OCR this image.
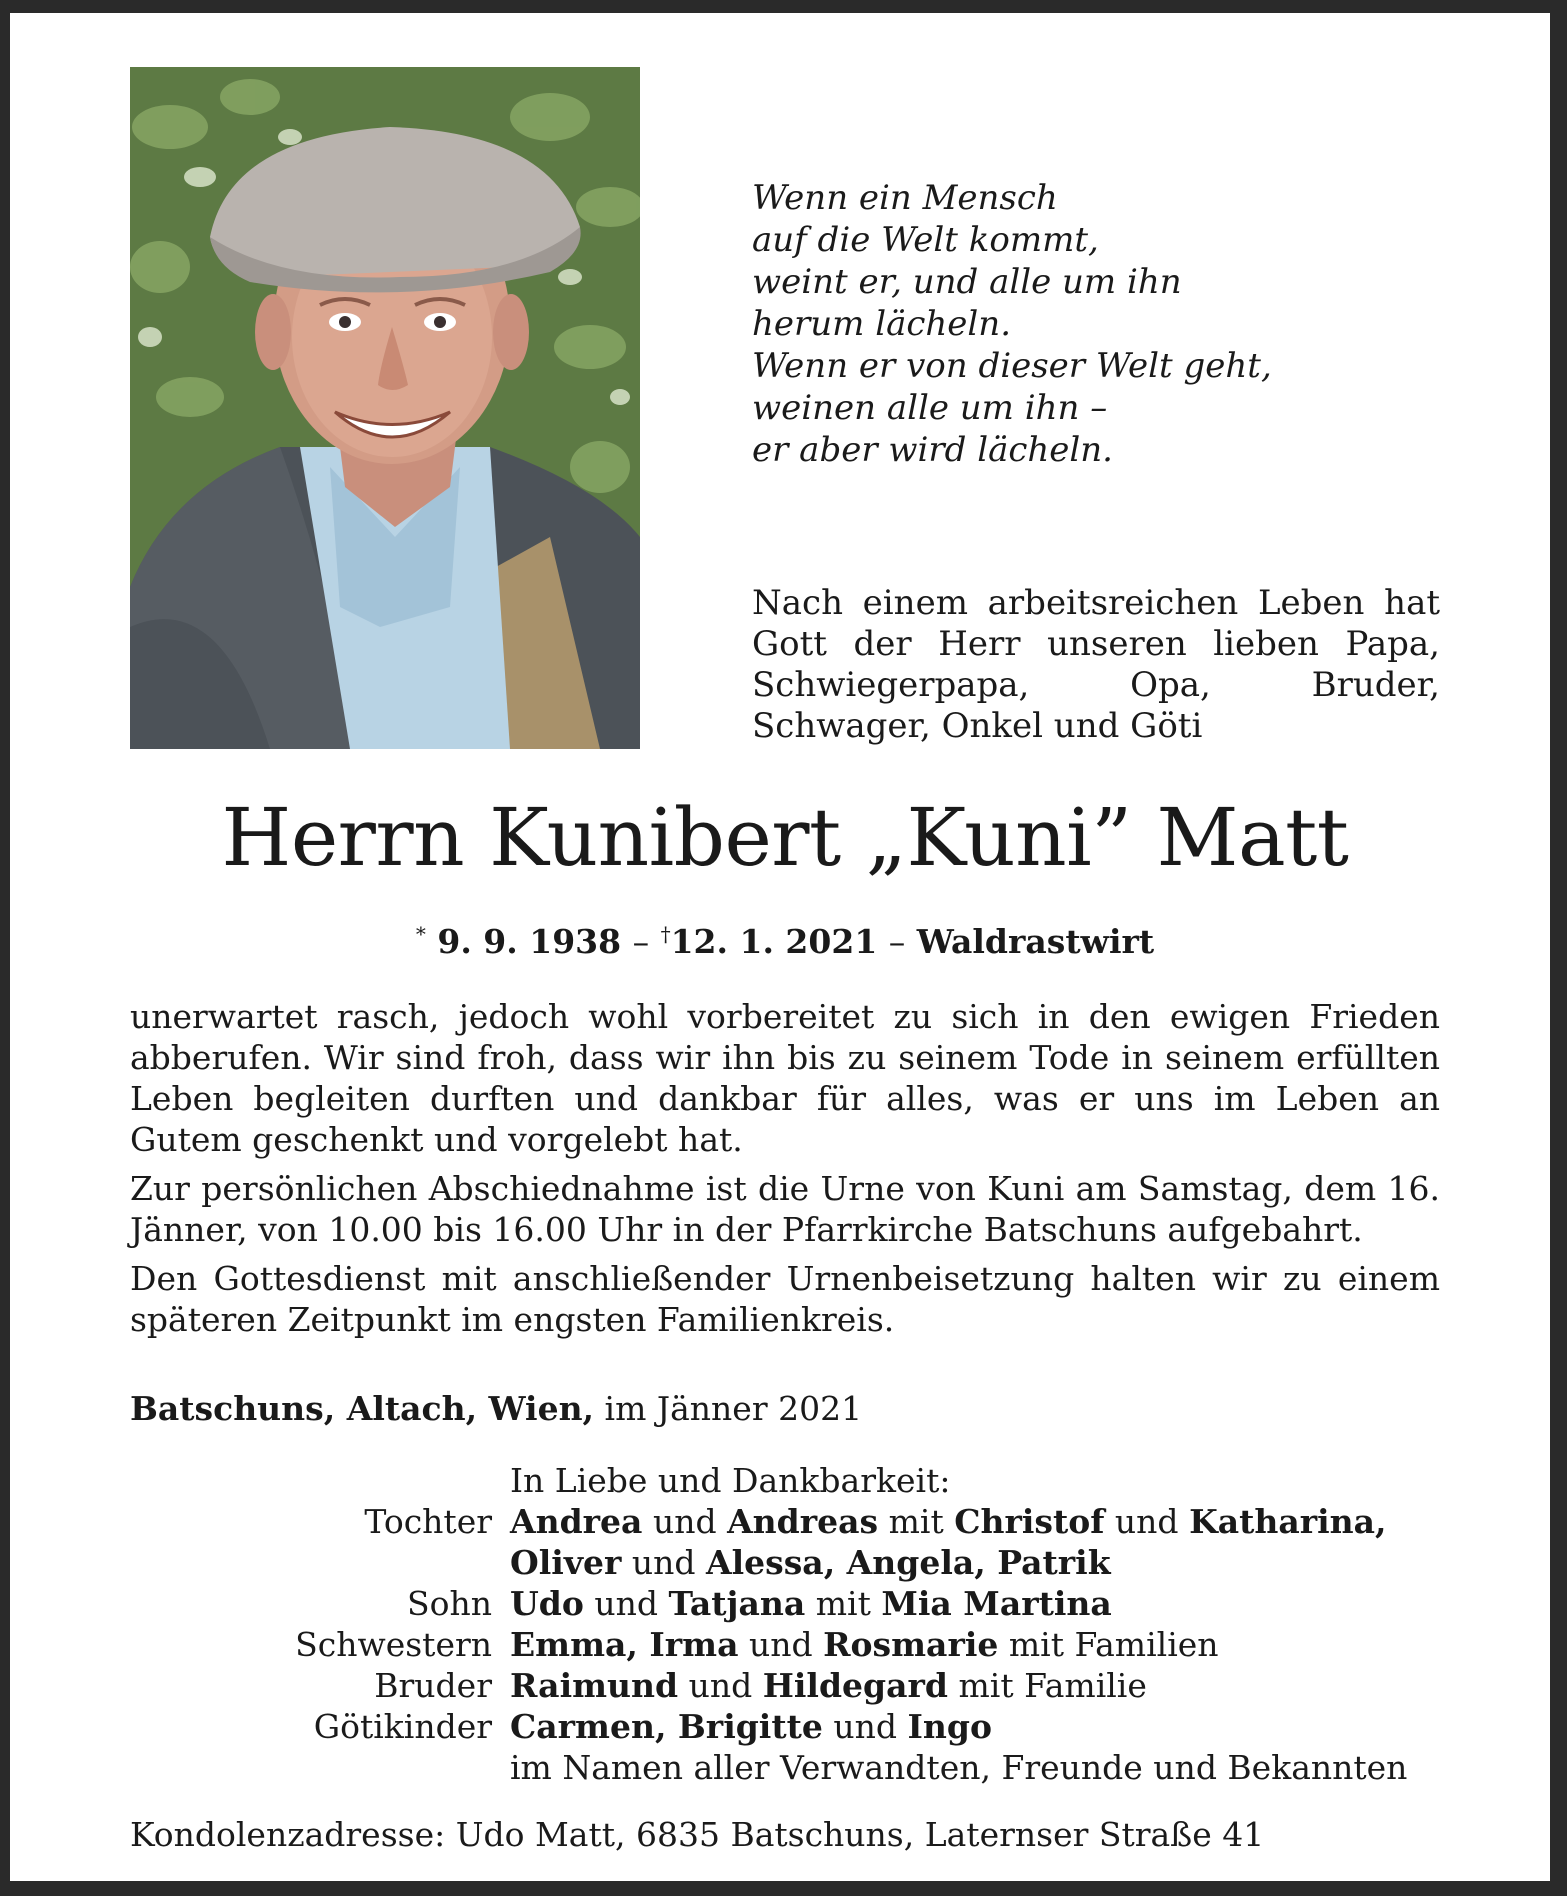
Wenn ein Mensch
auf die Welt kommt,
weint er, und alle um ihn
herum lächeln.
Wenn er von dieser Welt geht,
weinen alle um ihn –
er aber wird lächeln.
Nach einem arbeitsreichen Leben hat Gott der Herr unseren lieben Papa, Schwiegerpapa, Opa, Bruder, Schwager, Onkel und Göti
Herrn Kunibert „Kuni” Matt
* 9. 9. 1938 – †12. 1. 2021 – Waldrastwirt

unerwartet rasch, jedoch wohl vorbereitet zu sich in den ewigen Frieden abberufen. Wir sind froh, dass wir ihn bis zu seinem Tode in seinem erfüllten Leben begleiten durften und dankbar für alles, was er uns im Leben an Gutem geschenkt und vorgelebt hat.

Zur persönlichen Abschiednahme ist die Urne von Kuni am Samstag, dem 16. Jänner, von 10.00 bis 16.00 Uhr in der Pfarrkirche Batschuns aufgebahrt.

Den Gottesdienst mit anschließender Urnenbeisetzung halten wir zu einem späteren Zeitpunkt im engsten Familienkreis.

Batschuns, Altach, Wien, im Jänner 2021
In Liebe und Dankbarkeit:
Tochter Andrea und Andreas mit Christof und Katharina,
Oliver und Alessa, Angela, Patrik
Sohn Udo und Tatjana mit Mia Martina
Schwestern Emma, Irma und Rosmarie mit Familien
Bruder Raimund und Hildegard mit Familie
Götikinder Carmen, Brigitte und Ingo
im Namen aller Verwandten, Freunde und Bekannten
Kondolenzadresse: Udo Matt, 6835 Batschuns, Laternser Straße 41
